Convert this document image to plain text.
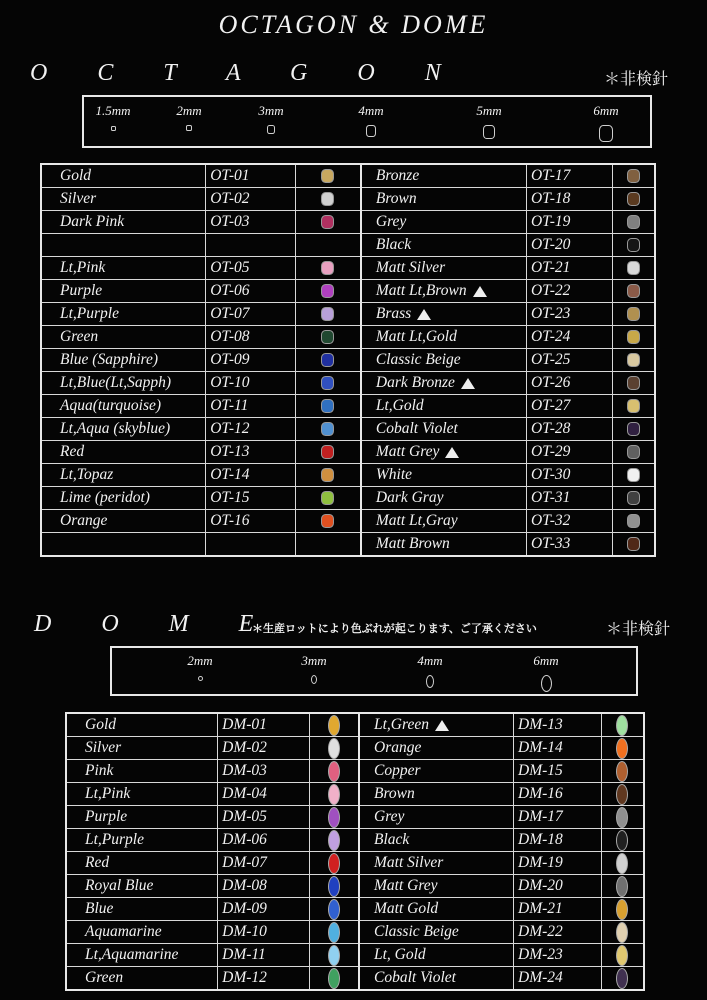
OCTAGON & DOME
O C T A G O N	＊非検針
1.5mm	2mm	3mm	4mm	5mm	6mm
Gold	OT-01		Bronze	OT-17	
Silver	OT-02		Brown	OT-18	
Dark Pink	OT-03		Grey	OT-19	
			Black	OT-20	
Lt,Pink	OT-05		Matt Silver	OT-21	
Purple	OT-06		Matt Lt,Brown	OT-22	
Lt,Purple	OT-07		Brass	OT-23	
Green	OT-08		Matt Lt,Gold	OT-24	
Blue (Sapphire)	OT-09		Classic Beige	OT-25	
Lt,Blue(Lt,Sapph)	OT-10		Dark Bronze	OT-26	
Aqua(turquoise)	OT-11		Lt,Gold	OT-27	
Lt,Aqua (skyblue)	OT-12		Cobalt Violet	OT-28	
Red	OT-13		Matt Grey	OT-29	
Lt,Topaz	OT-14		White	OT-30	
Lime (peridot)	OT-15		Dark Gray	OT-31	
Orange	OT-16		Matt Lt,Gray	OT-32	
			Matt Brown	OT-33	
D O M E
＊生産ロットにより色ぶれが起こります、ご了承ください	＊非検針
2mm	3mm	4mm	6mm
Gold	DM-01		Lt,Green	DM-13	
Silver	DM-02		Orange	DM-14	
Pink	DM-03		Copper	DM-15	
Lt,Pink	DM-04		Brown	DM-16	
Purple	DM-05		Grey	DM-17	
Lt,Purple	DM-06		Black	DM-18	
Red	DM-07		Matt Silver	DM-19	
Royal Blue	DM-08		Matt Grey	DM-20	
Blue	DM-09		Matt Gold	DM-21	
Aquamarine	DM-10		Classic Beige	DM-22	
Lt,Aquamarine	DM-11		Lt, Gold	DM-23	
Green	DM-12		Cobalt Violet	DM-24	
